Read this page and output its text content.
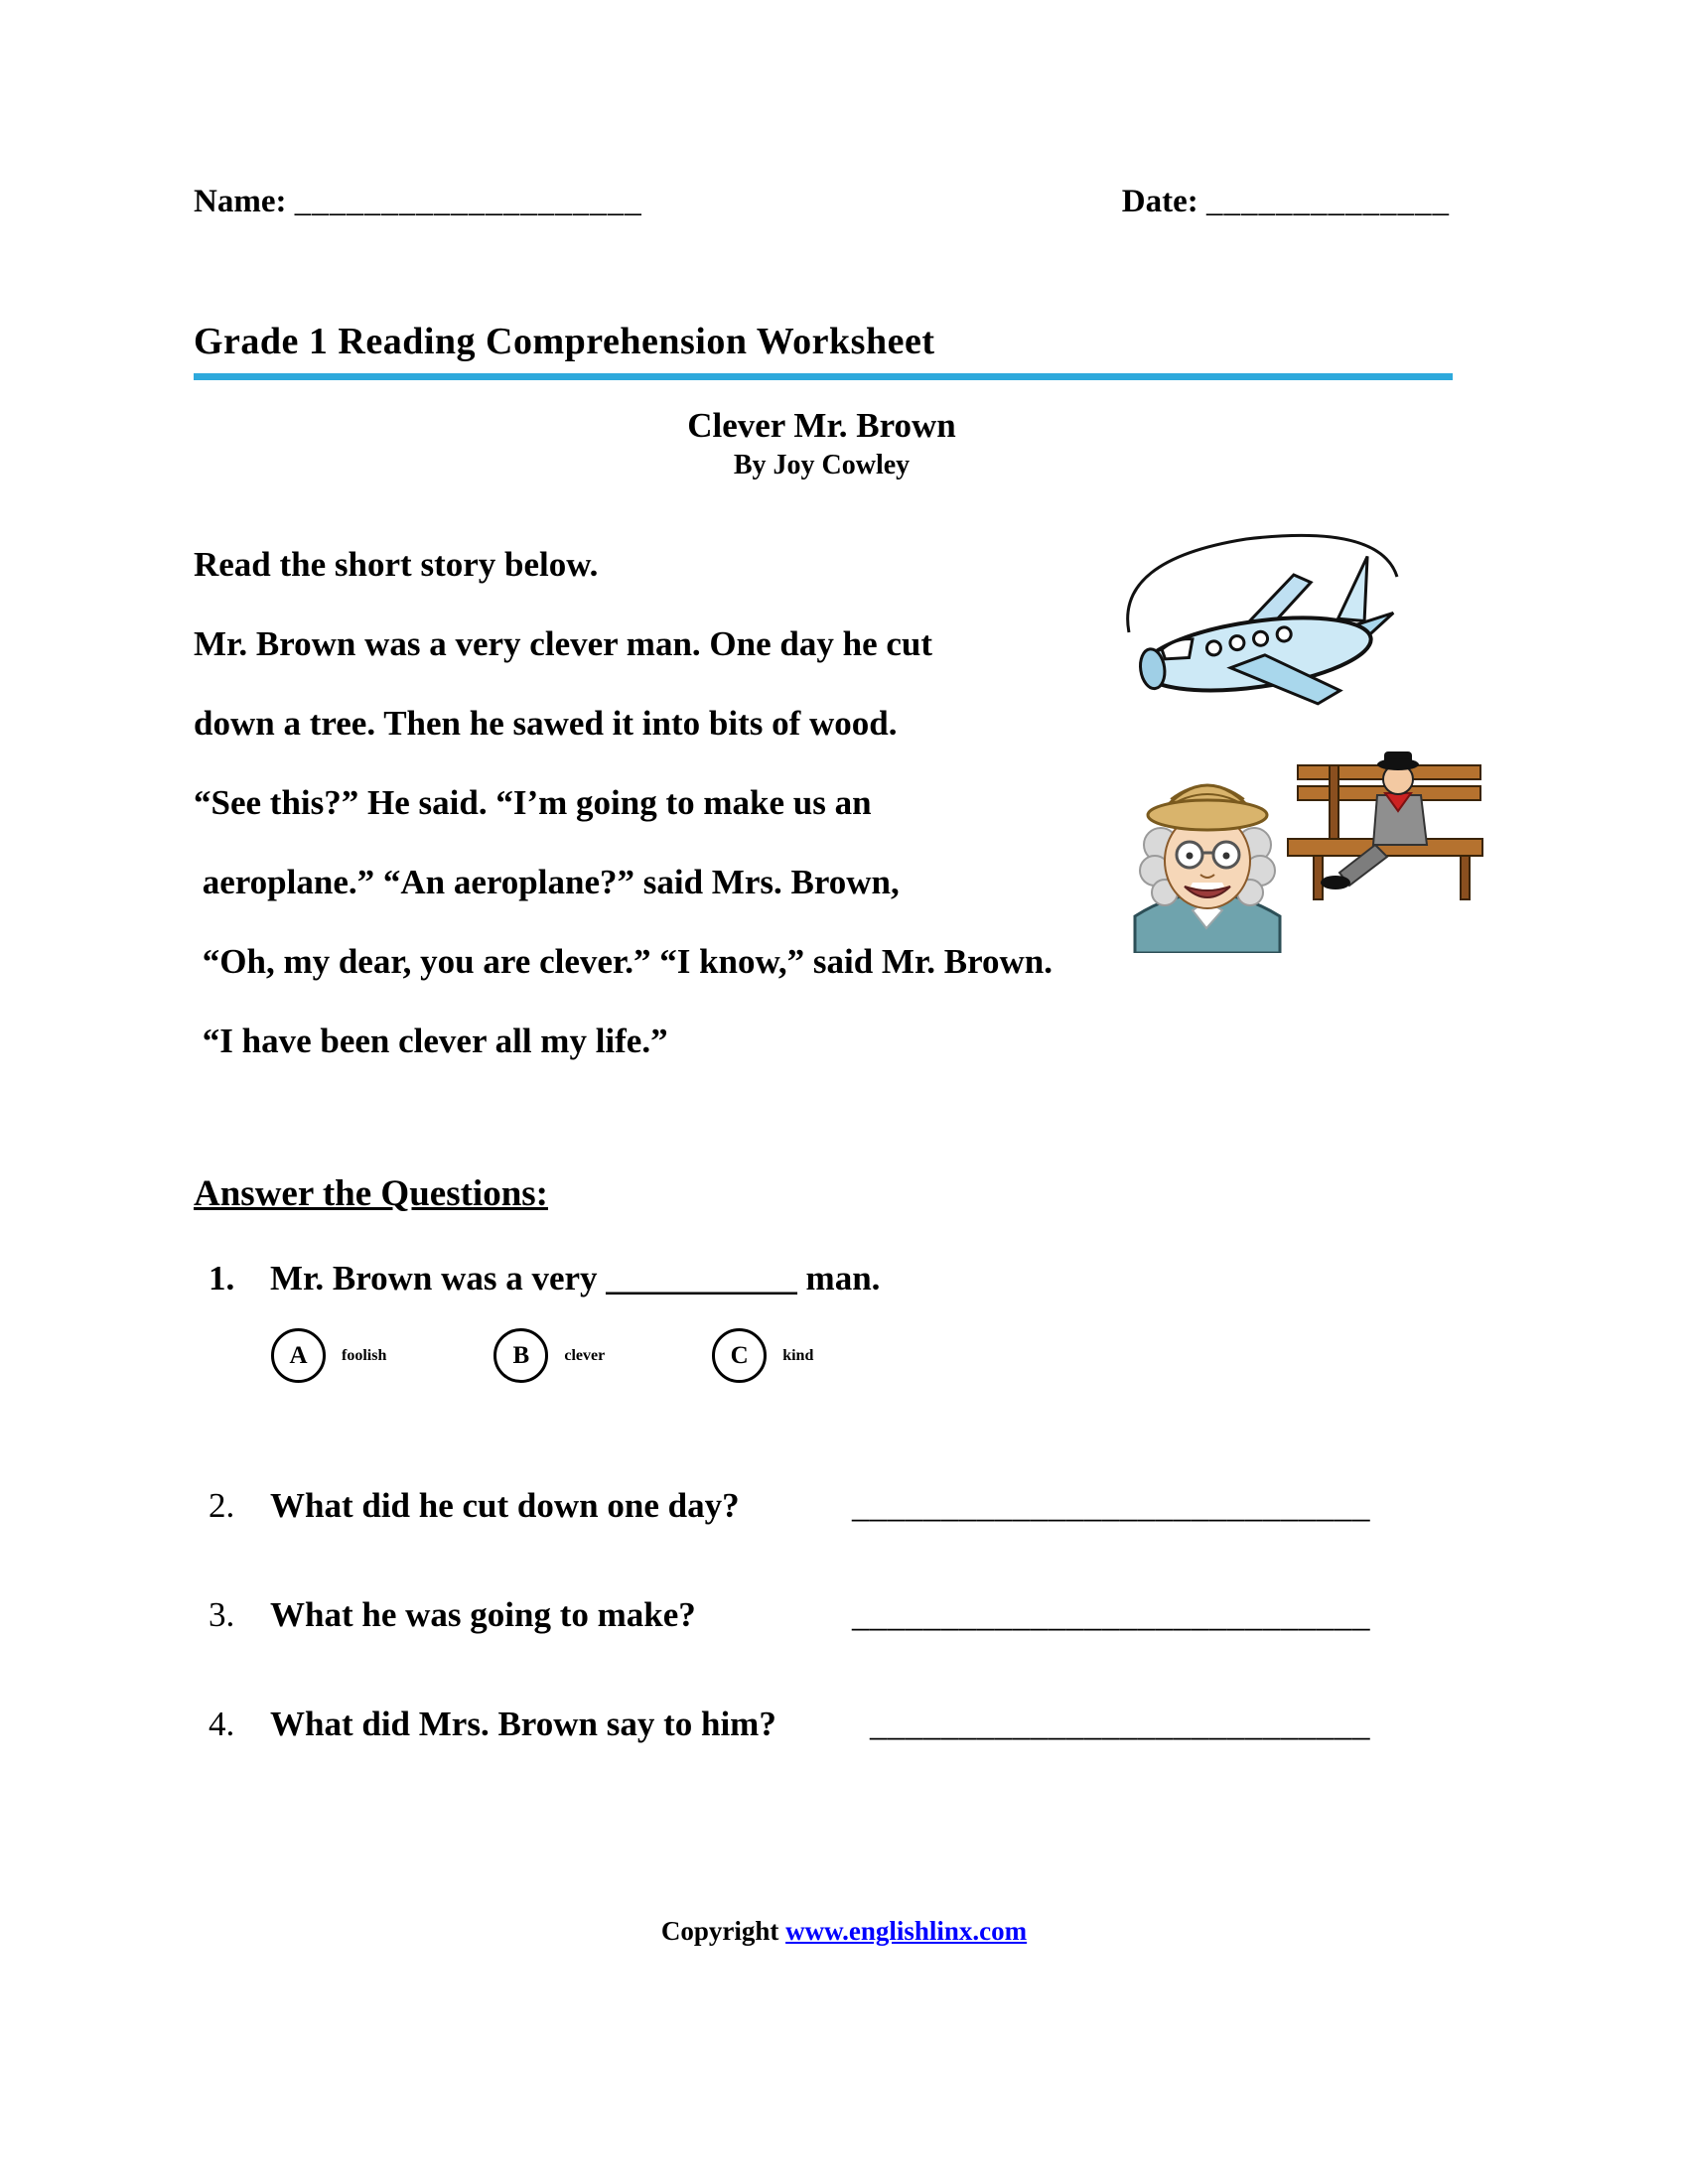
Name: ____________________	Date: ______________
Grade 1 Reading Comprehension Worksheet
Clever Mr. Brown
By Joy Cowley

Read the short story below.

Mr. Brown was a very clever man. One day he cut

down a tree. Then he sawed it into bits of wood.

“See this?” He said. “I’m going to make us an

aeroplane.” “An aeroplane?” said Mrs. Brown,

“Oh, my dear, you are clever.” “I know,” said Mr. Brown.

“I have been clever all my life.”

Answer the Questions:
1.	Mr. Brown was a very ___________ man.
A	foolish	B	clever	C	kind
2.	What did he cut down one day?	_____________________________
3.	What he was going to make?	_____________________________
4.	What did Mrs. Brown say to him?	____________________________
Copyright www.englishlinx.com
